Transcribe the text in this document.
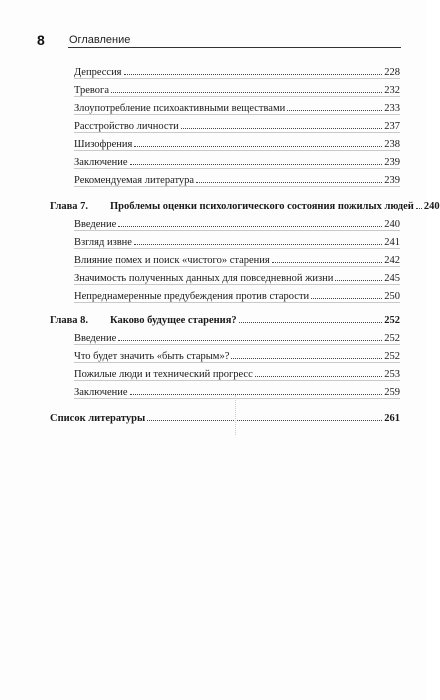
8 Оглавление
Депрессия	228
Тревога	232
Злоупотребление психоактивными веществами	233
Расстройство личности	237
Шизофрения	238
Заключение	239
Рекомендуемая литература	239
Глава 7.	Проблемы оценки психологического состояния пожилых людей 240
Введение	240
Взгляд извне	241
Влияние помех и поиск «чистого» старения	242
Значимость полученных данных для повседневной жизни	245
Непреднамеренные предубеждения против старости	250
Глава 8.	Каково будущее старения?	252
Введение	252
Что будет значить «быть старым»?	252
Пожилые люди и технический прогресс	253
Заключение	259
Список литературы	261
